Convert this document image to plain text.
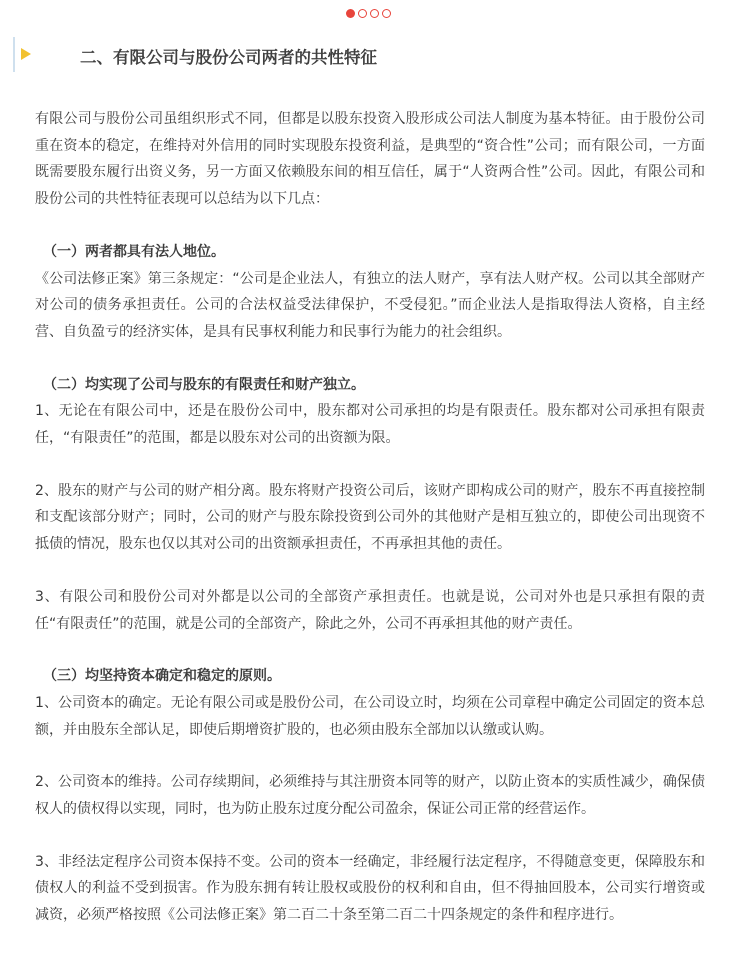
二、有限公司与股份公司两者的共性特征

有限公司与股份公司虽组织形式不同，但都是以股东投资入股形成公司法人制度为基本特征。由于股份公司重在资本的稳定，在维持对外信用的同时实现股东投资利益，是典型的“资合性”公司；而有限公司，一方面既需要股东履行出资义务，另一方面又依赖股东间的相互信任，属于“人资两合性”公司。因此，有限公司和股份公司的共性特征表现可以总结为以下几点：

（一）两者都具有法人地位。

《公司法修正案》第三条规定：“公司是企业法人，有独立的法人财产，享有法人财产权。公司以其全部财产对公司的债务承担责任。公司的合法权益受法律保护，不受侵犯。”而企业法人是指取得法人资格，自主经营、自负盈亏的经济实体，是具有民事权利能力和民事行为能力的社会组织。

（二）均实现了公司与股东的有限责任和财产独立。

1、无论在有限公司中，还是在股份公司中，股东都对公司承担的均是有限责任。股东都对公司承担有限责任，“有限责任”的范围，都是以股东对公司的出资额为限。

2、股东的财产与公司的财产相分离。股东将财产投资公司后，该财产即构成公司的财产，股东不再直接控制和支配该部分财产；同时，公司的财产与股东除投资到公司外的其他财产是相互独立的，即使公司出现资不抵债的情况，股东也仅以其对公司的出资额承担责任，不再承担其他的责任。

3、有限公司和股份公司对外都是以公司的全部资产承担责任。也就是说，公司对外也是只承担有限的责任“有限责任”的范围，就是公司的全部资产，除此之外，公司不再承担其他的财产责任。

（三）均坚持资本确定和稳定的原则。

1、公司资本的确定。无论有限公司或是股份公司，在公司设立时，均须在公司章程中确定公司固定的资本总额，并由股东全部认足，即使后期增资扩股的，也必须由股东全部加以认缴或认购。

2、公司资本的维持。公司存续期间，必须维持与其注册资本同等的财产，以防止资本的实质性减少，确保债权人的债权得以实现，同时，也为防止股东过度分配公司盈余，保证公司正常的经营运作。

3、非经法定程序公司资本保持不变。公司的资本一经确定，非经履行法定程序，不得随意变更，保障股东和债权人的利益不受到损害。作为股东拥有转让股权或股份的权利和自由，但不得抽回股本，公司实行增资或减资，必须严格按照《公司法修正案》第二百二十条至第二百二十四条规定的条件和程序进行。
